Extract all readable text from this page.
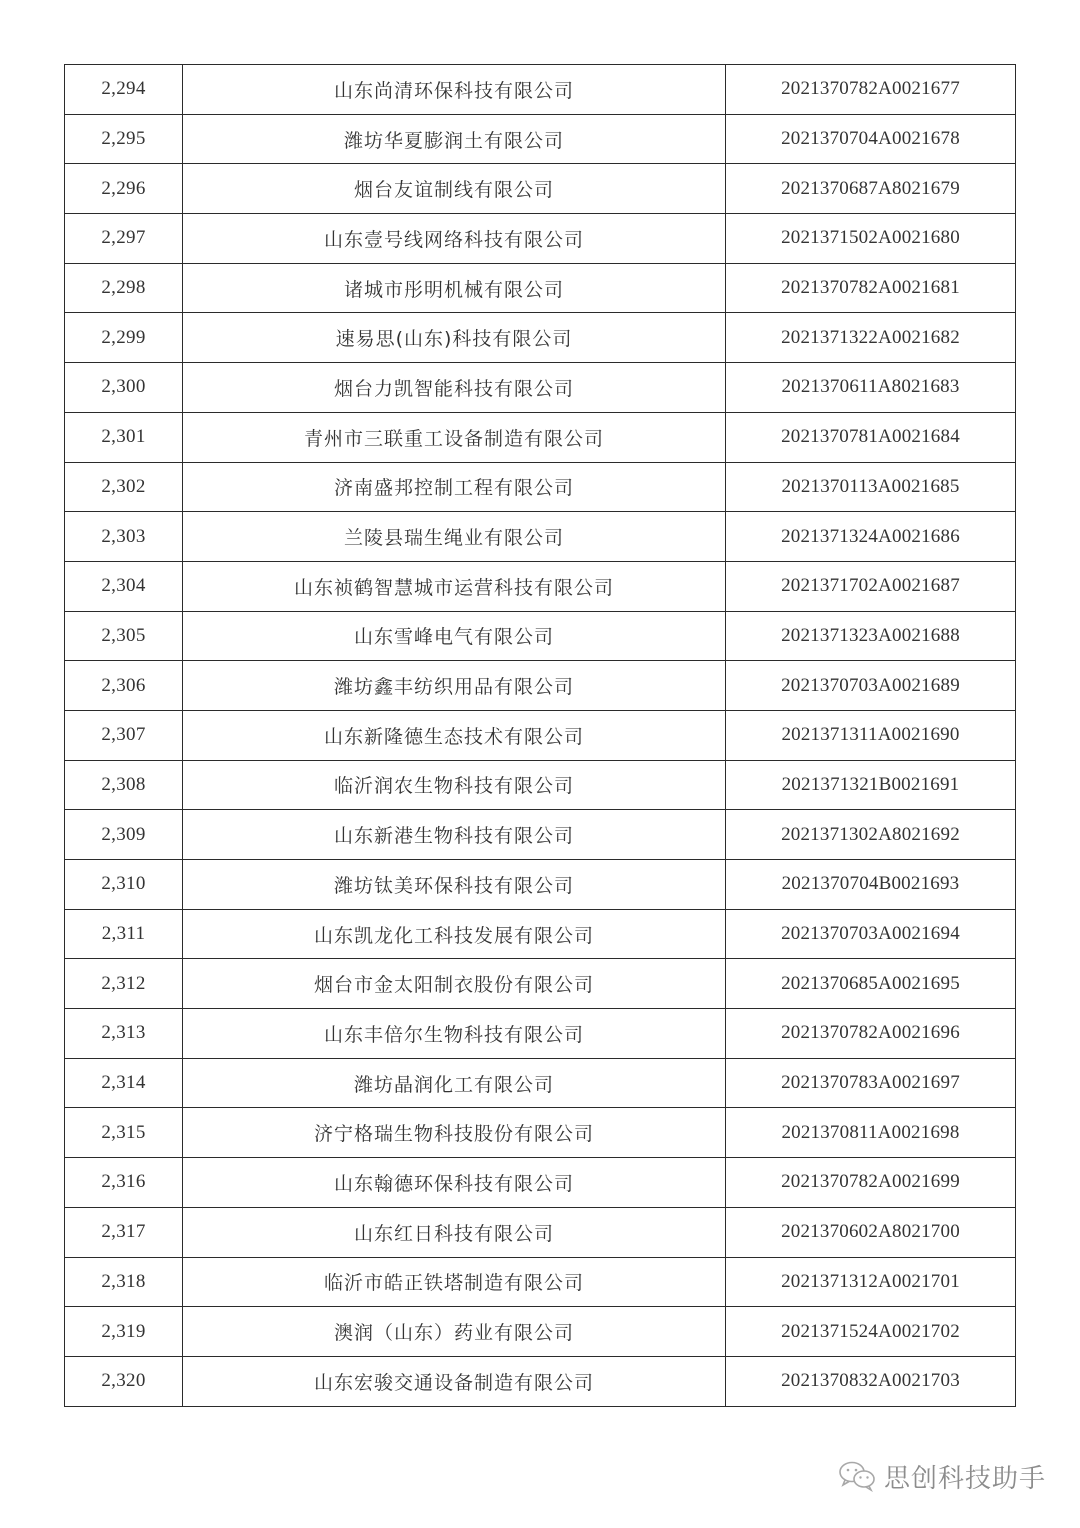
2,294	山东尚清环保科技有限公司	2021370782A0021677
2,295	潍坊华夏膨润土有限公司	2021370704A0021678
2,296	烟台友谊制线有限公司	2021370687A8021679
2,297	山东壹号线网络科技有限公司	2021371502A0021680
2,298	诸城市彤明机械有限公司	2021370782A0021681
2,299	速易思(山东)科技有限公司	2021371322A0021682
2,300	烟台力凯智能科技有限公司	2021370611A8021683
2,301	青州市三联重工设备制造有限公司	2021370781A0021684
2,302	济南盛邦控制工程有限公司	2021370113A0021685
2,303	兰陵县瑞生绳业有限公司	2021371324A0021686
2,304	山东祯鹤智慧城市运营科技有限公司	2021371702A0021687
2,305	山东雪峰电气有限公司	2021371323A0021688
2,306	潍坊鑫丰纺织用品有限公司	2021370703A0021689
2,307	山东新隆德生态技术有限公司	2021371311A0021690
2,308	临沂润农生物科技有限公司	2021371321B0021691
2,309	山东新港生物科技有限公司	2021371302A8021692
2,310	潍坊钛美环保科技有限公司	2021370704B0021693
2,311	山东凯龙化工科技发展有限公司	2021370703A0021694
2,312	烟台市金太阳制衣股份有限公司	2021370685A0021695
2,313	山东丰倍尔生物科技有限公司	2021370782A0021696
2,314	潍坊晶润化工有限公司	2021370783A0021697
2,315	济宁格瑞生物科技股份有限公司	2021370811A0021698
2,316	山东翰德环保科技有限公司	2021370782A0021699
2,317	山东红日科技有限公司	2021370602A8021700
2,318	临沂市皓正铁塔制造有限公司	2021371312A0021701
2,319	澳润（山东）药业有限公司	2021371524A0021702
2,320	山东宏骏交通设备制造有限公司	2021370832A0021703
思创科技助手
